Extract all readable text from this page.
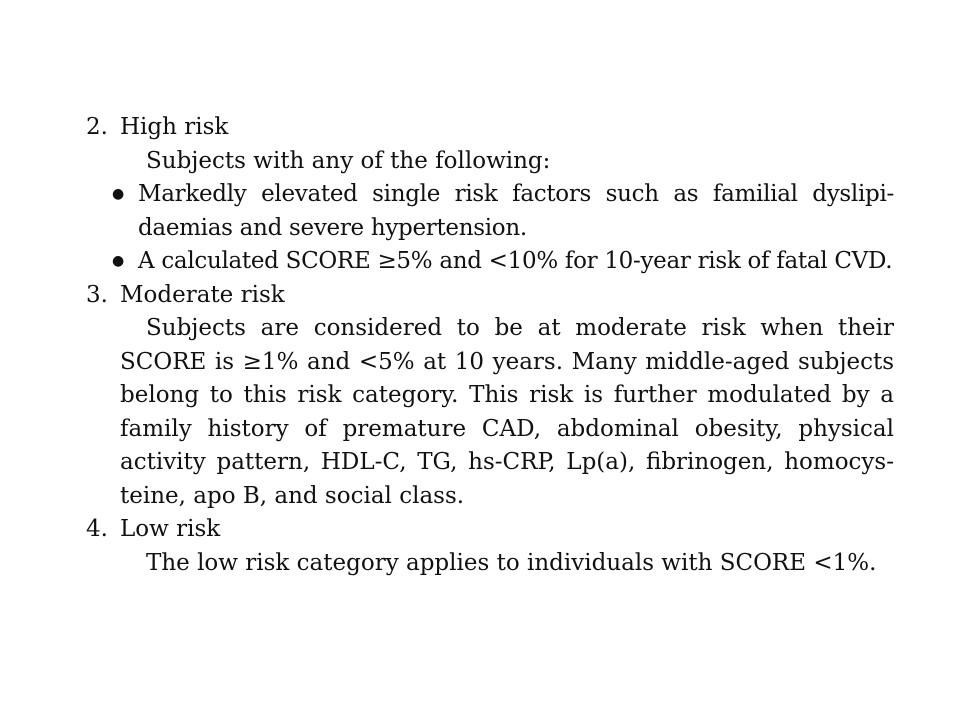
2. High risk

Subjects with any of the following:

● Markedly elevated single risk factors such as familial dyslipi-daemias and severe hypertension.
● A calculated SCORE ≥5% and <10% for 10-year risk of fatal CVD.
3. Moderate risk

Subjects are considered to be at moderate risk when their SCORE is ≥1% and <5% at 10 years. Many middle-aged subjects belong to this risk category. This risk is further modulated by a family history of premature CAD, abdominal obesity, physical activity pattern, HDL-C, TG, hs-CRP, Lp(a), fibrinogen, homocys-teine, apo B, and social class.

4. Low risk

The low risk category applies to individuals with SCORE <1%.
